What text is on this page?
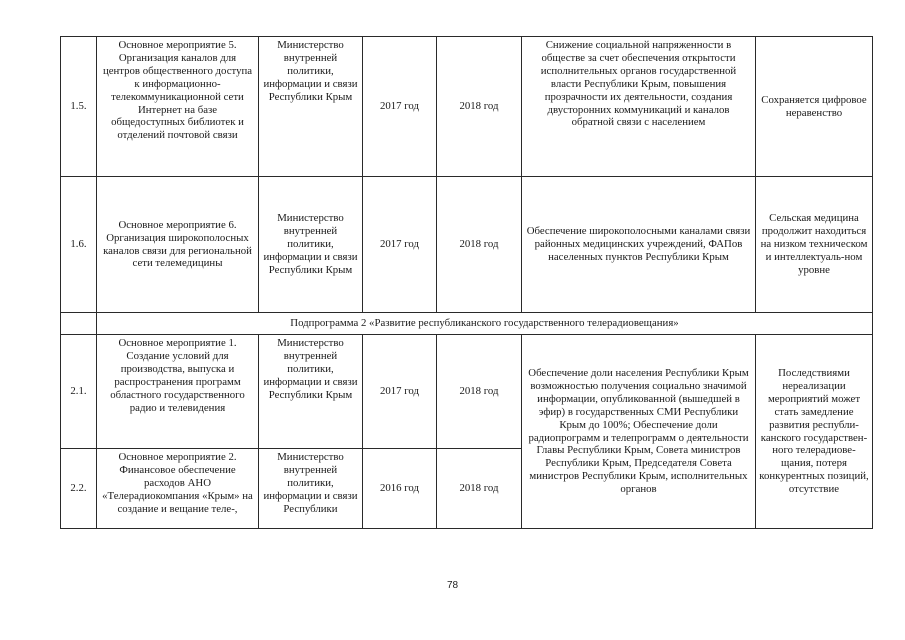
1.5.	Основное мероприятие 5. Организация каналов для центров общественного доступа к информационно-телекоммуникационной сети Интернет на базе общедоступных библиотек и отделений почтовой связи	Министерство внутренней политики, информации и связи Республики Крым	2017 год	2018 год	Снижение социальной напряженности в обществе за счет обеспечения открытости исполнительных органов государственной власти Республики Крым, повышения прозрачности их деятельности, создания двусторонних коммуникаций и каналов обратной связи с населением	Сохраняется цифровое неравенство
1.6.	Основное мероприятие 6. Организация широкополосных каналов связи для региональной сети телемедицины	Министерство внутренней политики, информации и связи Республики Крым	2017 год	2018 год	Обеспечение широкополосными каналами связи районных медицинских учреждений, ФАПов населенных пунктов Республики Крым	Сельская медицина продолжит находиться на низком техническом и интеллектуаль-ном уровне
	Подпрограмма 2 «Развитие республиканского государственного телерадиовещания»					
2.1.	Основное мероприятие 1. Создание условий для производства, выпуска и распространения программ областного государственного радио и телевидения	Министерство внутренней политики, информации и связи Республики Крым	2017 год	2018 год	Обеспечение доли населения Республики Крым возможностью получения социально значимой информации, опубликованной (вышедшей в эфир) в государственных СМИ Республики Крым до 100%; Обеспечение доли радиопрограмм и телепрограмм о деятельности Главы Республики Крым, Совета министров Республики Крым, Председателя Совета министров Республики Крым, исполнительных органов	Последствиями нереализации мероприятий может стать замедление развития республи-канского государствен-ного телерадиове-щания, потеря конкурентных позиций, отсутствие
2.2.	Основное мероприятие 2. Финансовое обеспечение расходов АНО «Телерадиокомпания «Крым» на создание и вещание теле-,	Министерство внутренней политики, информации и связи Республики	2016 год	2018 год		
78
